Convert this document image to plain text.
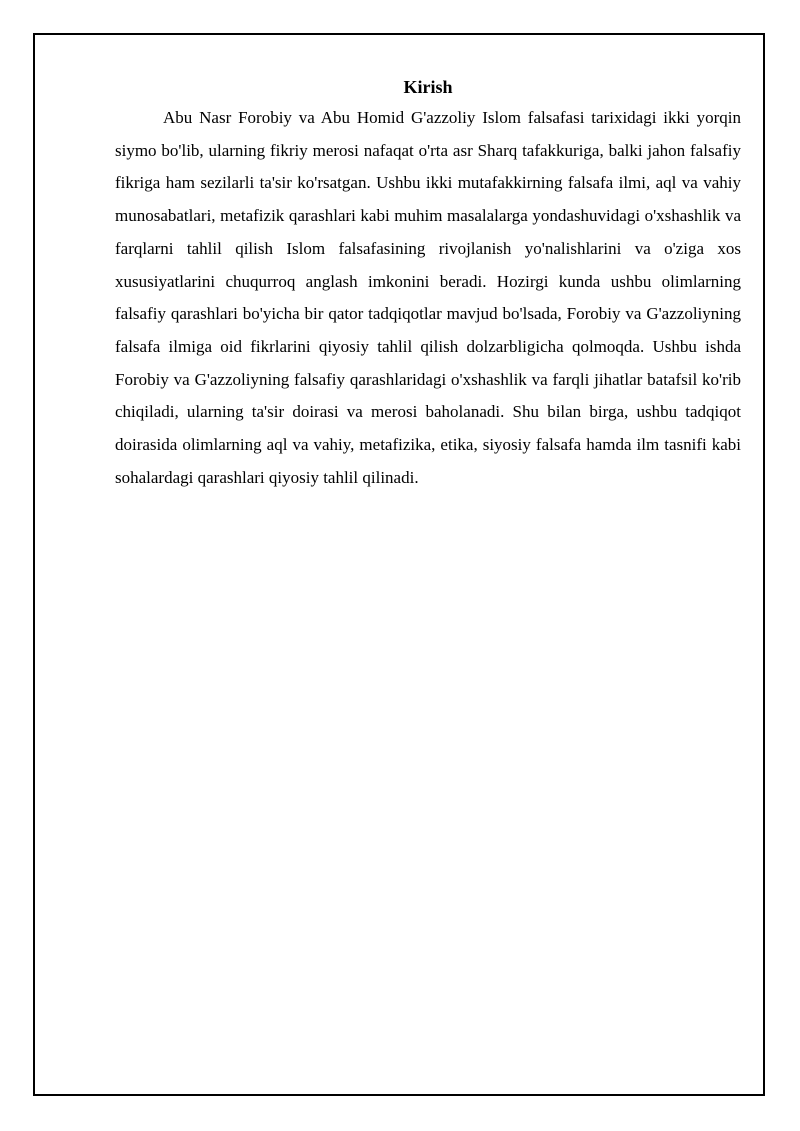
Kirish

Abu Nasr Forobiy va Abu Homid G'azzoliy Islom falsafasi tarixidagi ikki yorqin siymo bo'lib, ularning fikriy merosi nafaqat o'rta asr Sharq tafakkuriga, balki jahon falsafiy fikriga ham sezilarli ta'sir ko'rsatgan. Ushbu ikki mutafakkirning falsafa ilmi, aql va vahiy munosabatlari, metafizik qarashlari kabi muhim masalalarga yondashuvidagi o'xshashlik va farqlarni tahlil qilish Islom falsafasining rivojlanish yo'nalishlarini va o'ziga xos xususiyatlarini chuqurroq anglash imkonini beradi. Hozirgi kunda ushbu olimlarning falsafiy qarashlari bo'yicha bir qator tadqiqotlar mavjud bo'lsada, Forobiy va G'azzoliyning falsafa ilmiga oid fikrlarini qiyosiy tahlil qilish dolzarbligicha qolmoqda. Ushbu ishda Forobiy va G'azzoliyning falsafiy qarashlaridagi o'xshashlik va farqli jihatlar batafsil ko'rib chiqiladi, ularning ta'sir doirasi va merosi baholanadi. Shu bilan birga, ushbu tadqiqot doirasida olimlarning aql va vahiy, metafizika, etika, siyosiy falsafa hamda ilm tasnifi kabi sohalardagi qarashlari qiyosiy tahlil qilinadi.
